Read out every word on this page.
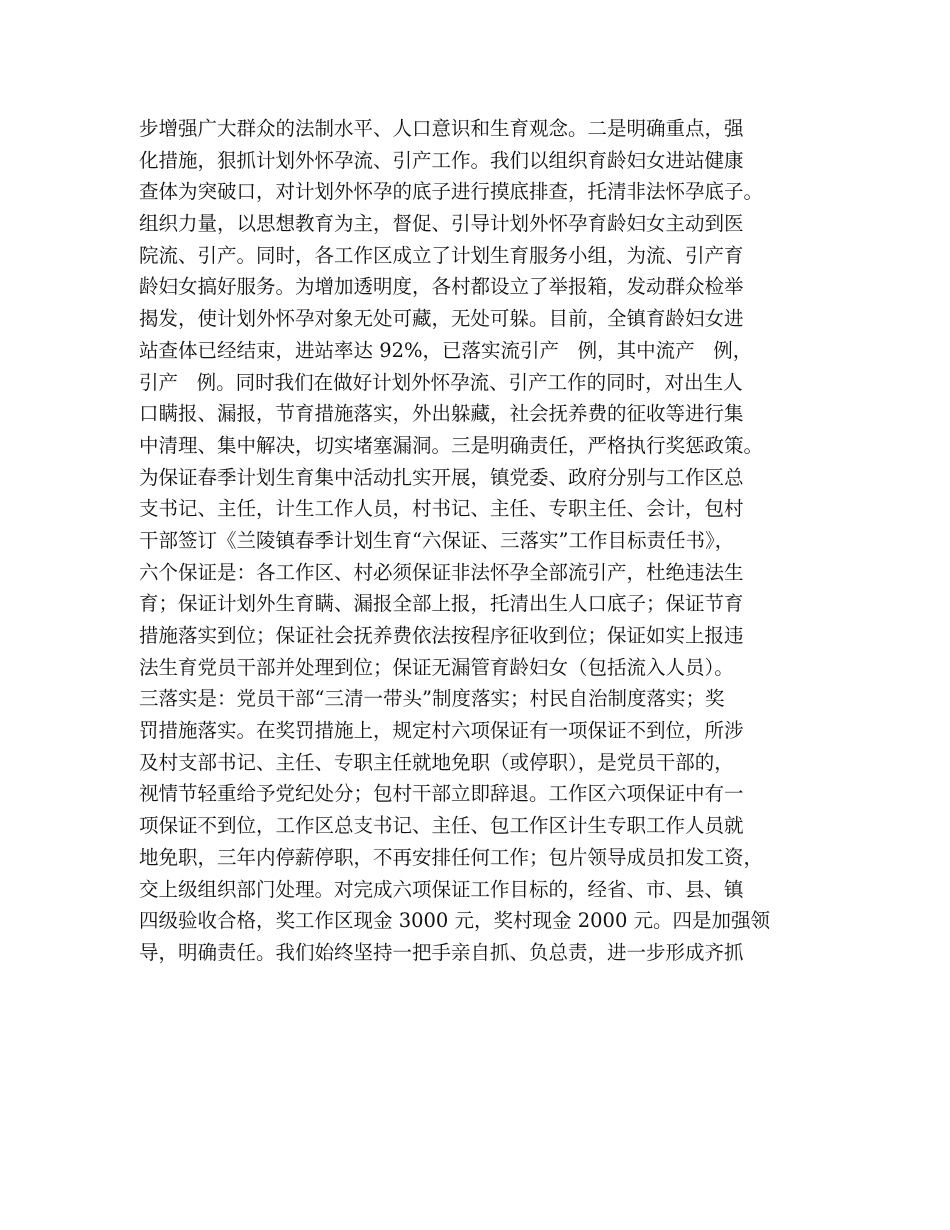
步增强广大群众的法制水平、人口意识和生育观念。二是明确重点，强
化措施，狠抓计划外怀孕流、引产工作。我们以组织育龄妇女进站健康
查体为突破口，对计划外怀孕的底子进行摸底排查，托清非法怀孕底子。
组织力量，以思想教育为主，督促、引导计划外怀孕育龄妇女主动到医
院流、引产。同时，各工作区成立了计划生育服务小组，为流、引产育
龄妇女搞好服务。为增加透明度，各村都设立了举报箱，发动群众检举
揭发，使计划外怀孕对象无处可藏，无处可躲。目前，全镇育龄妇女进
站查体已经结束，进站率达 92%，已落实流引产   例，其中流产   例，
引产   例。同时我们在做好计划外怀孕流、引产工作的同时，对出生人
口瞒报、漏报，节育措施落实，外出躲藏，社会抚养费的征收等进行集
中清理、集中解决，切实堵塞漏洞。三是明确责任，严格执行奖惩政策。
为保证春季计划生育集中活动扎实开展，镇党委、政府分别与工作区总
支书记、主任，计生工作人员，村书记、主任、专职主任、会计，包村
干部签订《兰陵镇春季计划生育“六保证、三落实”工作目标责任书》，
六个保证是：各工作区、村必须保证非法怀孕全部流引产，杜绝违法生
育；保证计划外生育瞒、漏报全部上报，托清出生人口底子；保证节育
措施落实到位；保证社会抚养费依法按程序征收到位；保证如实上报违
法生育党员干部并处理到位；保证无漏管育龄妇女（包括流入人员）。
三落实是：党员干部“三清一带头”制度落实；村民自治制度落实；奖
罚措施落实。在奖罚措施上，规定村六项保证有一项保证不到位，所涉
及村支部书记、主任、专职主任就地免职（或停职），是党员干部的，
视情节轻重给予党纪处分；包村干部立即辞退。工作区六项保证中有一
项保证不到位，工作区总支书记、主任、包工作区计生专职工作人员就
地免职，三年内停薪停职，不再安排任何工作；包片领导成员扣发工资，
交上级组织部门处理。对完成六项保证工作目标的，经省、市、县、镇
四级验收合格，奖工作区现金 3000 元，奖村现金 2000 元。四是加强领
导，明确责任。我们始终坚持一把手亲自抓、负总责，进一步形成齐抓
